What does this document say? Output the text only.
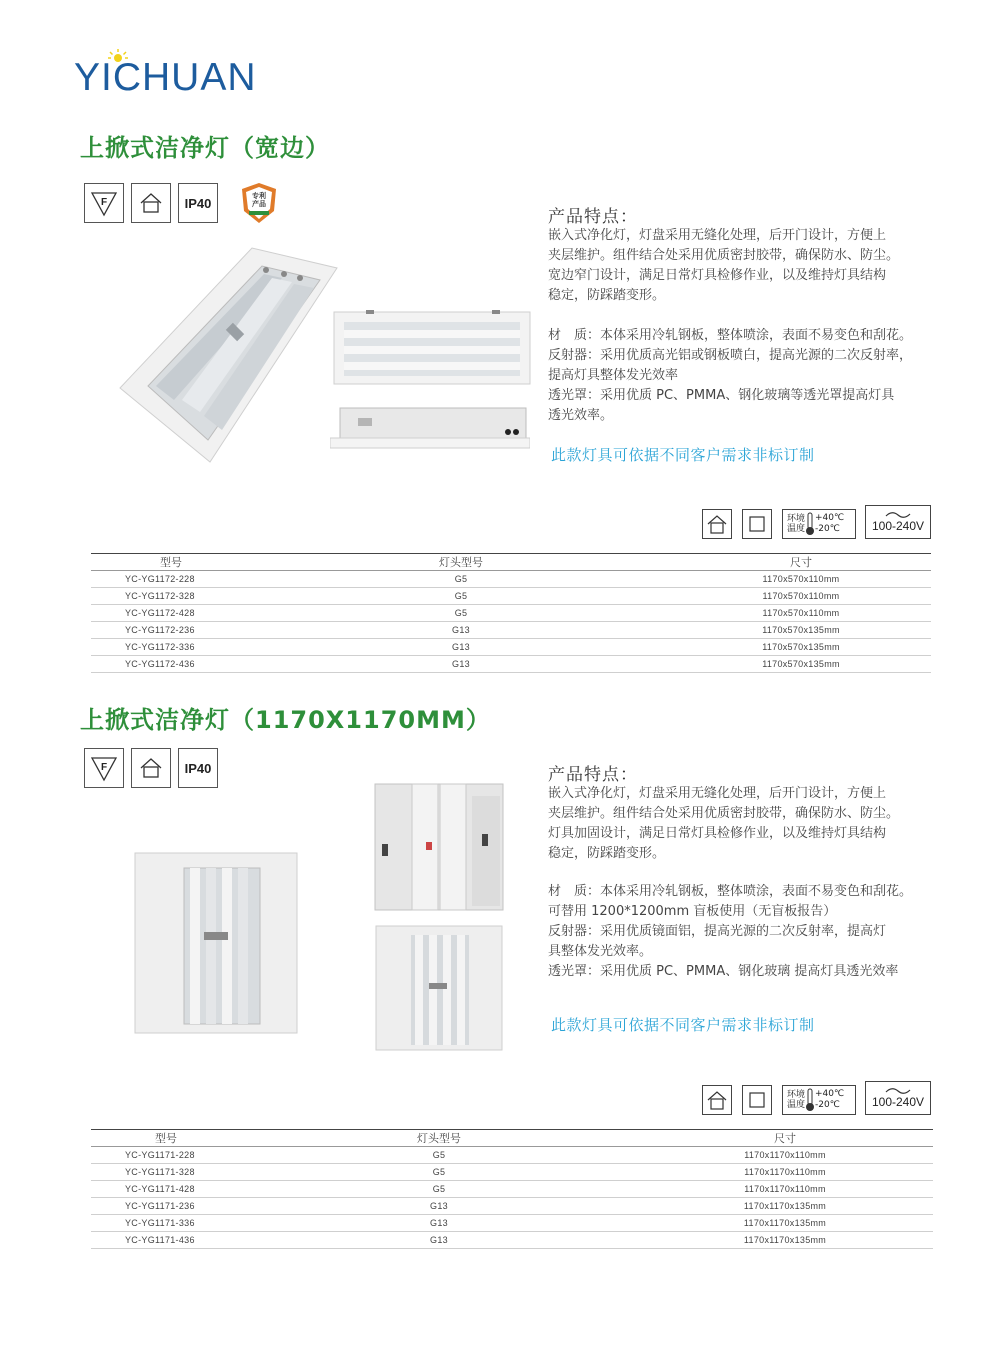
YICHUAN
上掀式洁净灯（宽边）
F	IP40	专利产品
产品特点：

嵌入式净化灯，灯盘采用无缝化处理，后开门设计，方便上

夹层维护。组件结合处采用优质密封胶带，确保防水、防尘。

宽边窄门设计，满足日常灯具检修作业，以及维持灯具结构

稳定，防踩踏变形。

材　质：本体采用冷轧钢板，整体喷涂，表面不易变色和刮花。

反射器：采用优质高光铝或钢板喷白，提高光源的二次反射率，

提高灯具整体发光效率

透光罩：采用优质 PC、PMMA、钢化玻璃等透光罩提高灯具

透光效率。

此款灯具可依据不同客户需求非标订制
环境
温度
+40℃
-20℃	100-240V
型号	灯头型号	尺寸
YC-YG1172-228	G5	1170x570x110mm
YC-YG1172-328	G5	1170x570x110mm
YC-YG1172-428	G5	1170x570x110mm
YC-YG1172-236	G13	1170x570x135mm
YC-YG1172-336	G13	1170x570x135mm
YC-YG1172-436	G13	1170x570x135mm
上掀式洁净灯（1170X1170MM）
F	IP40	产品特点：

嵌入式净化灯，灯盘采用无缝化处理，后开门设计，方便上

夹层维护。组件结合处采用优质密封胶带，确保防水、防尘。

灯具加固设计，满足日常灯具检修作业，以及维持灯具结构

稳定，防踩踏变形。

材　质：本体采用冷轧钢板，整体喷涂，表面不易变色和刮花。

可替用 1200*1200mm 盲板使用（无盲板报告）

反射器：采用优质镜面铝，提高光源的二次反射率，提高灯

具整体发光效率。

透光罩：采用优质 PC、PMMA、钢化玻璃 提高灯具透光效率

此款灯具可依据不同客户需求非标订制
环境
温度
+40℃
-20℃	100-240V
型号	灯头型号	尺寸
YC-YG1171-228	G5	1170x1170x110mm
YC-YG1171-328	G5	1170x1170x110mm
YC-YG1171-428	G5	1170x1170x110mm
YC-YG1171-236	G13	1170x1170x135mm
YC-YG1171-336	G13	1170x1170x135mm
YC-YG1171-436	G13	1170x1170x135mm
